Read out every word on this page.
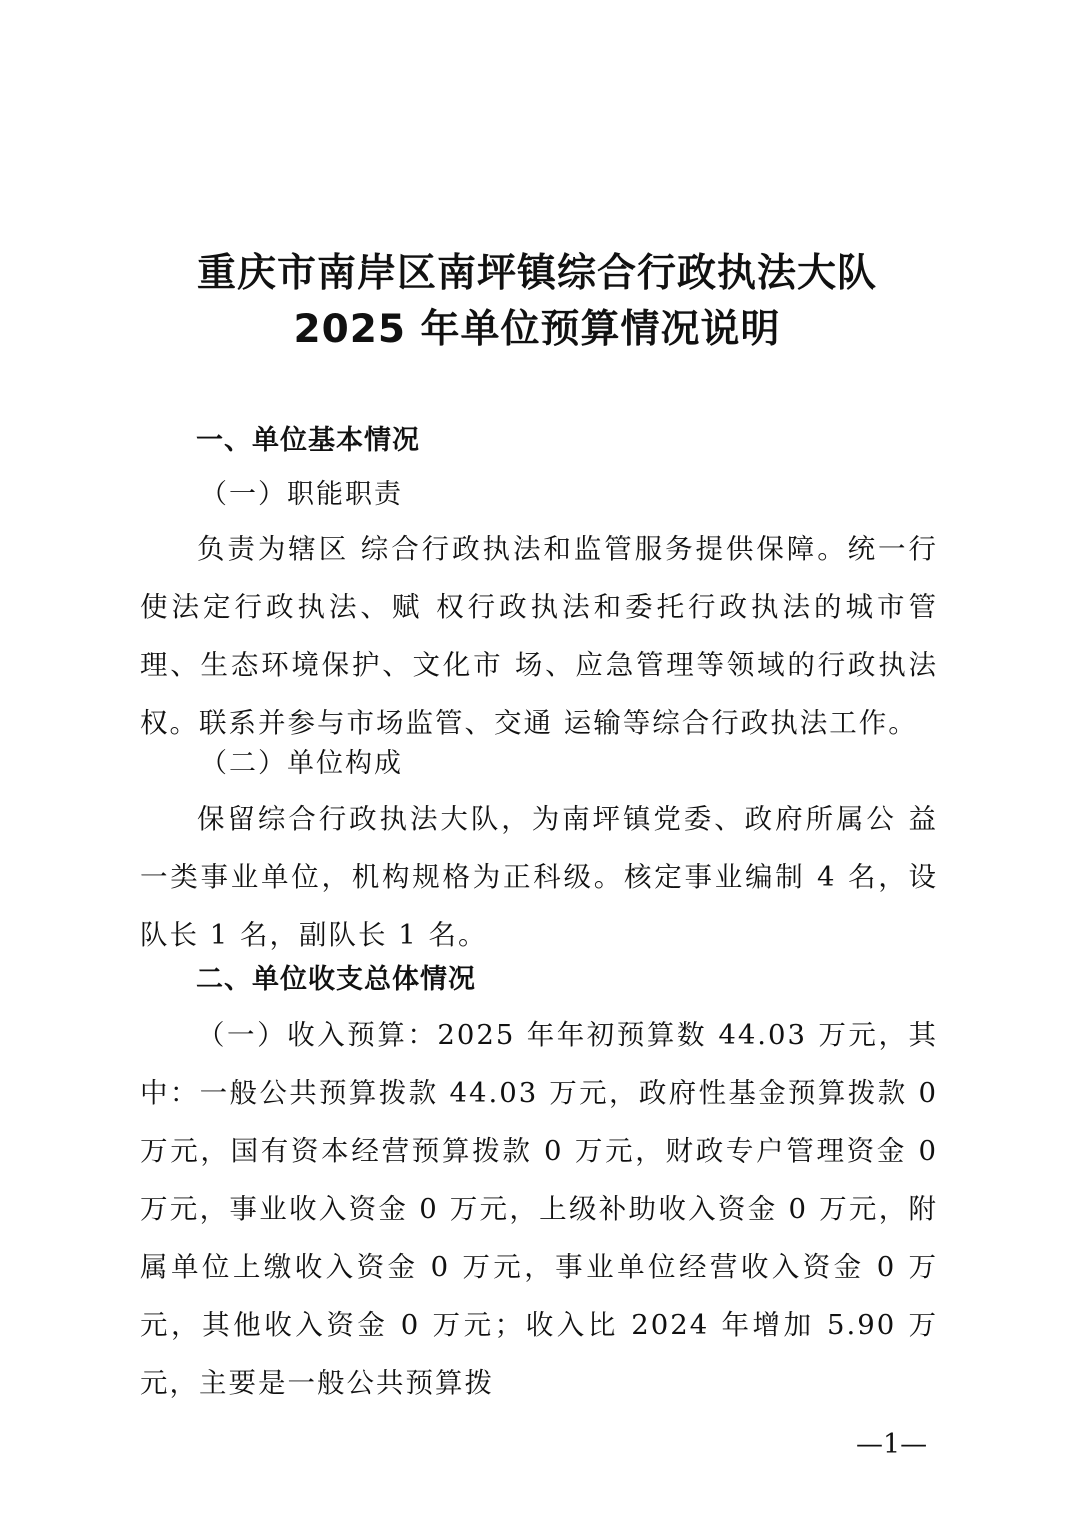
重庆市南岸区南坪镇综合行政执法大队
2025 年单位预算情况说明
一、单位基本情况
（一）职能职责

负责为辖区 综合行政执法和监管服务提供保障。统一行使法定行政执法、赋 权行政执法和委托行政执法的城市管理、生态环境保护、文化市 场、应急管理等领域的行政执法权。联系并参与市场监管、交通 运输等综合行政执法工作。

（二）单位构成

保留综合行政执法大队，为南坪镇党委、政府所属公 益一类事业单位，机构规格为正科级。核定事业编制 4 名，设队长 1 名，副队长 1 名。

二、单位收支总体情况

（一）收入预算：2025 年年初预算数 44.03 万元，其中：一般公共预算拨款 44.03 万元，政府性基金预算拨款 0 万元，国有资本经营预算拨款 0 万元，财政专户管理资金 0 万元，事业收入资金 0 万元，上级补助收入资金 0 万元，附属单位上缴收入资金 0 万元，事业单位经营收入资金 0 万元，其他收入资金 0 万元；收入比 2024 年增加 5.90 万元，主要是一般公共预算拨

—1—
